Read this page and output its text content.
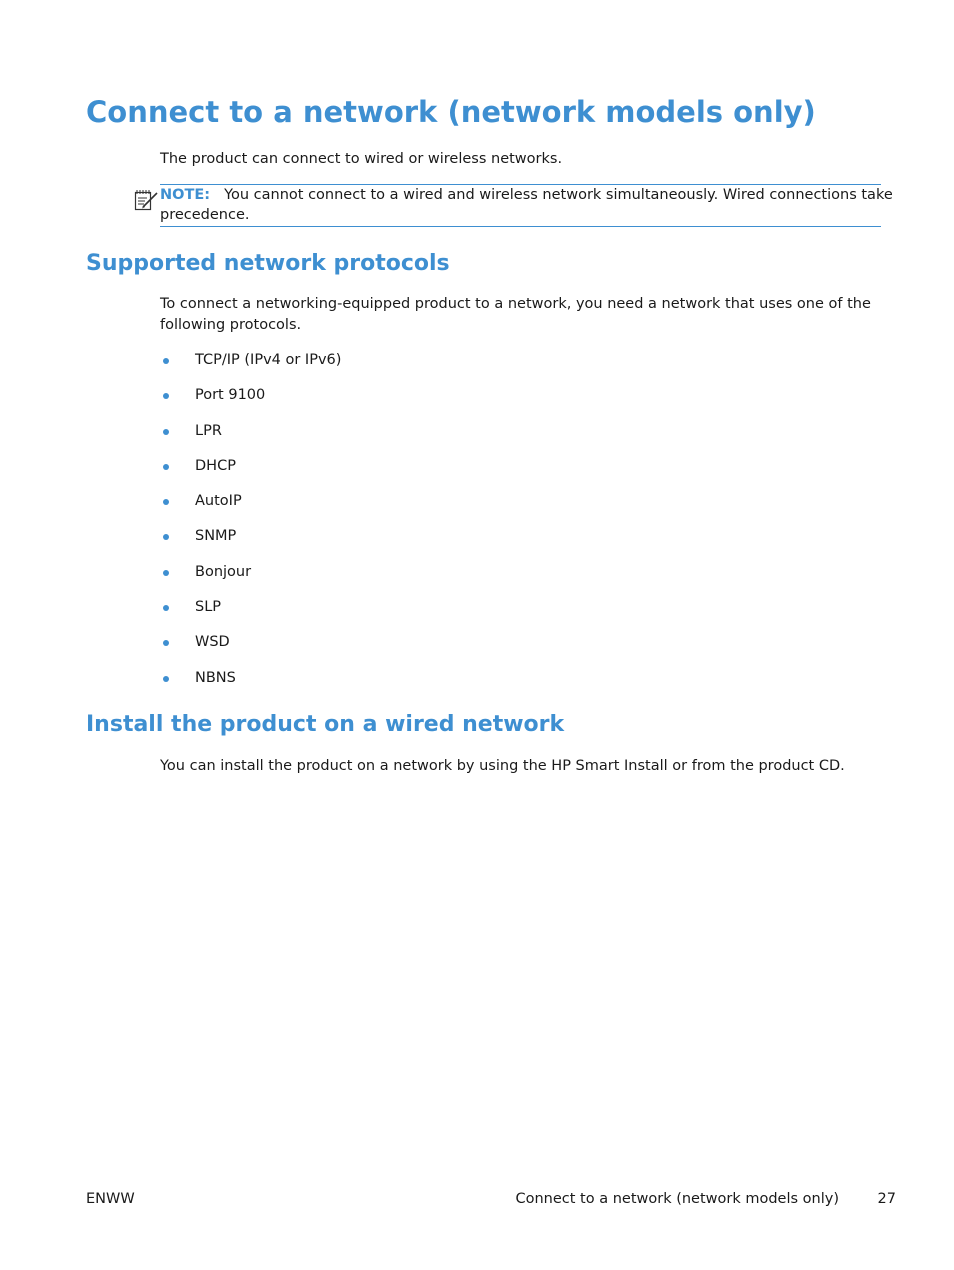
Connect to a network (network models only)

The product can connect to wired or wireless networks.

NOTE: You cannot connect to a wired and wireless network simultaneously. Wired connections take

precedence.

Supported network protocols

To connect a networking-equipped product to a network, you need a network that uses one of the

following protocols.

TCP/IP (IPv4 or IPv6)
Port 9100
LPR
DHCP
AutoIP
SNMP
Bonjour
SLP
WSD
NBNS
Install the product on a wired network

You can install the product on a network by using the HP Smart Install or from the product CD.

ENWW	Connect to a network (network models only)	27
